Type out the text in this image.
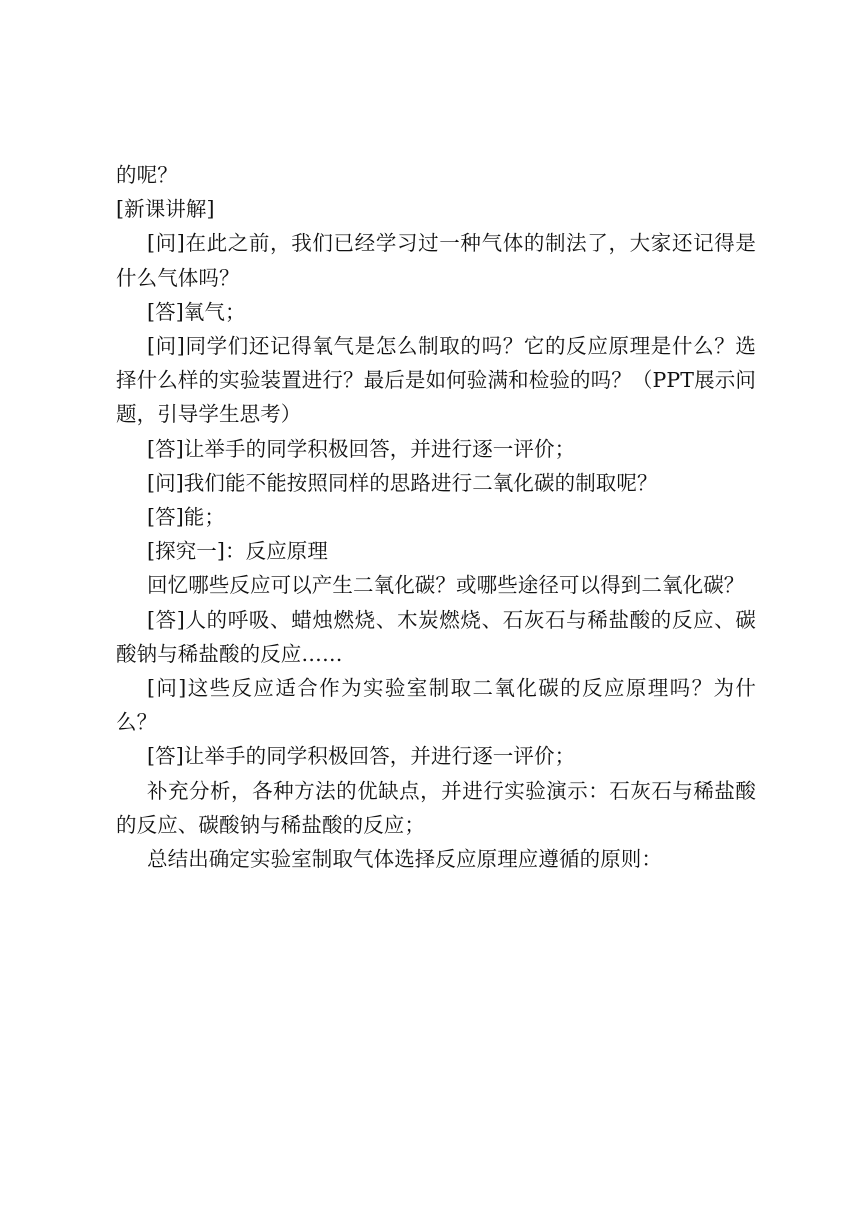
的呢？

[新课讲解]

[问]在此之前，我们已经学习过一种气体的制法了，大家还记得是什么气体吗？

[答]氧气；

[问]同学们还记得氧气是怎么制取的吗？它的反应原理是什么？选择什么样的实验装置进行？最后是如何验满和检验的吗？（PPT展示问题，引导学生思考）

[答]让举手的同学积极回答，并进行逐一评价；

[问]我们能不能按照同样的思路进行二氧化碳的制取呢？

[答]能；

[探究一]：反应原理

回忆哪些反应可以产生二氧化碳？或哪些途径可以得到二氧化碳？

[答]人的呼吸、蜡烛燃烧、木炭燃烧、石灰石与稀盐酸的反应、碳酸钠与稀盐酸的反应……

[问]这些反应适合作为实验室制取二氧化碳的反应原理吗？为什么？

[答]让举手的同学积极回答，并进行逐一评价；

补充分析，各种方法的优缺点，并进行实验演示：石灰石与稀盐酸的反应、碳酸钠与稀盐酸的反应；

总结出确定实验室制取气体选择反应原理应遵循的原则：
